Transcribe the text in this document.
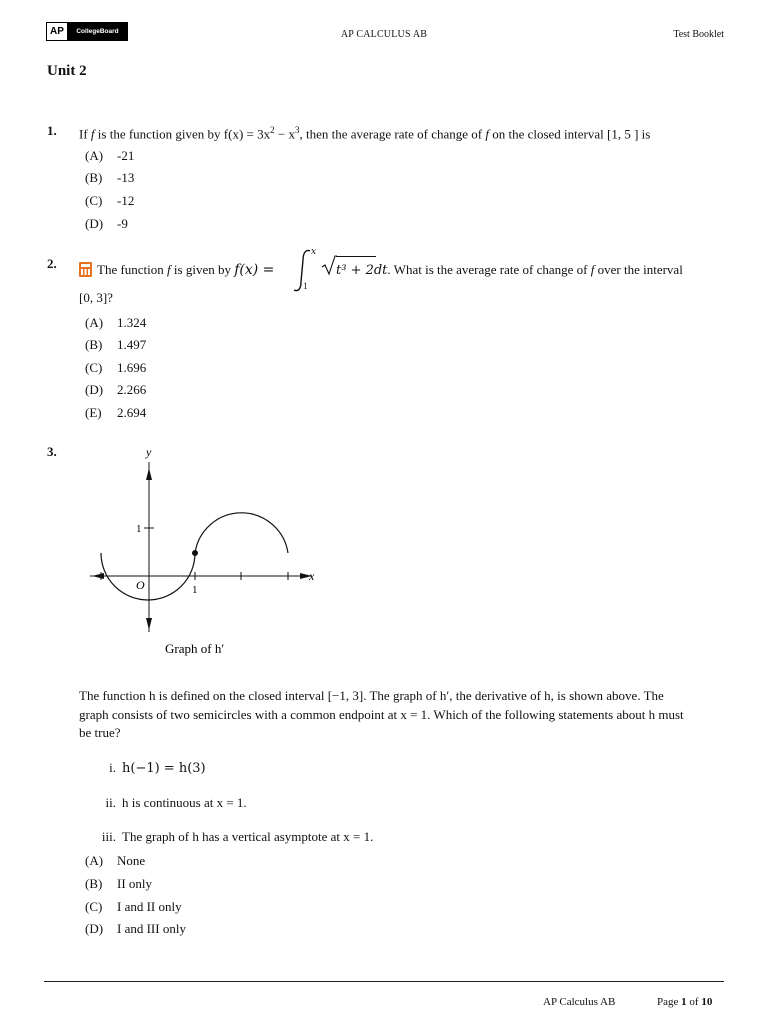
AP	CollegeBoard	AP CALCULUS AB	Test Booklet
Unit 2
1. If f is the function given by $f(x) = 3x^2 - x^3$, then the average rate of change of f on the closed interval [1, 5 ] is
(A) -21
(B) -13
(C) -12
(D) -9
2.	The function f is given by f(x) =
x
1
t³ + 2dt. What is the average rate of change of f over the interval
[0, 3]?
(A) 1.324
(B) 1.497
(C) 1.696
(D) 2.266
(E) 2.694
3.	y
x
O	1
1
Graph of h′
The function h is defined on the closed interval [−1, 3]. The graph of h′, the derivative of h, is shown above. The
graph consists of two semicircles with a common endpoint at x = 1. Which of the following statements about h must
be true?
i. h(−1) = h(3)
ii. h is continuous at x = 1.
iii. The graph of h has a vertical asymptote at x = 1.
(A) None
(B) II only
(C) I and II only
(D) I and III only
AP Calculus AB	Page 1 of 10
